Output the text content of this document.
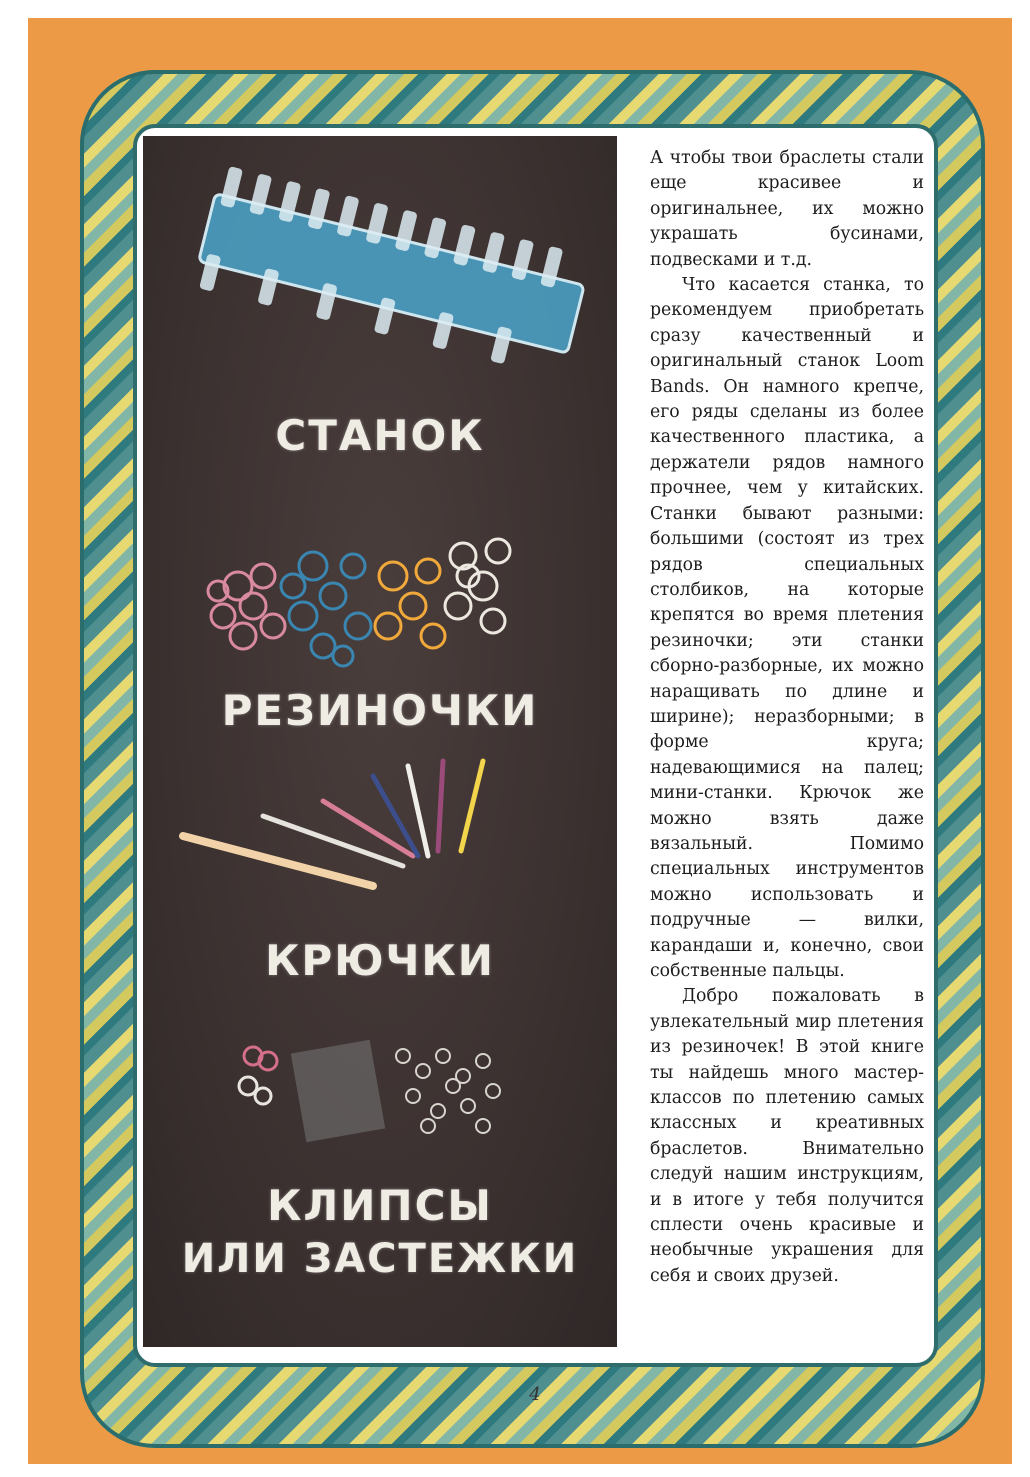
СТАНОК
РЕЗИНОЧКИ
КРЮЧКИ
КЛИПСЫ
ИЛИ ЗАСТЕЖКИ

А чтобы твои браслеты стали еще красивее и оригинальнее, их можно украшать бусинами, подвесками и т.д.

Что касается станка, то рекомендуем приобретать сразу качественный и оригинальный станок Loom Bands. Он намного крепче, его ряды сделаны из более качественного пластика, а держатели рядов намного прочнее, чем у китайских. Станки бывают разными: большими (состоят из трех рядов специальных столбиков, на которые крепятся во время плетения резиночки; эти станки сборно-разборные, их можно наращивать по длине и ширине); неразборными; в форме круга; надевающимися на палец; мини-станки. Крючок же можно взять даже вязальный. Помимо специальных инструментов можно использовать и подручные — вилки, карандаши и, конечно, свои собственные пальцы.

Добро пожаловать в увлекательный мир плетения из резиночек! В этой книге ты найдешь много мастер-классов по плетению самых классных и креативных браслетов. Внимательно следуй нашим инструкциям, и в итоге у тебя получится сплести очень красивые и необычные украшения для себя и своих друзей.

4
